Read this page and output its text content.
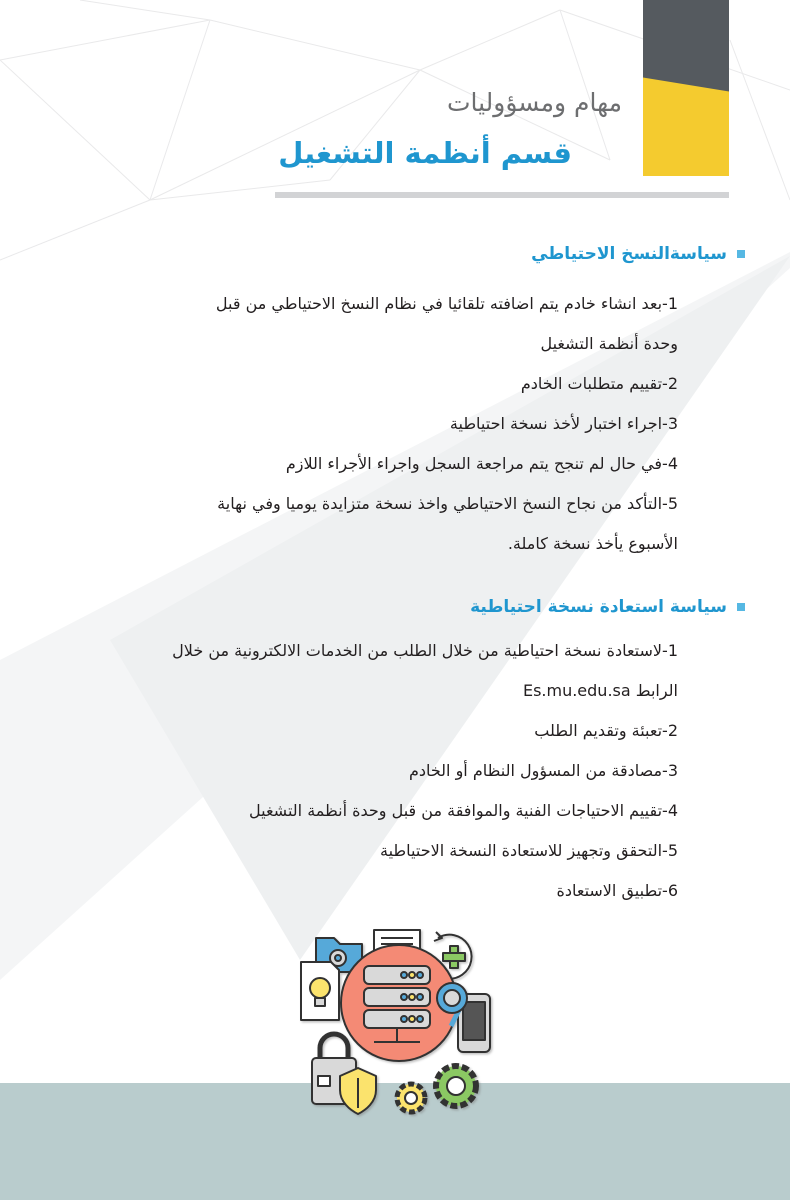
مهام ومسؤوليات
قسم أنظمة التشغيل
سياسةالنسخ الاحتياطي
1-بعد انشاء خادم يتم اضافته تلقائيا في نظام النسخ الاحتياطي من قبل
وحدة أنظمة التشغيل
2-تقييم متطلبات الخادم
3-اجراء اختبار لأخذ نسخة احتياطية
4-في حال لم تنجح يتم مراجعة السجل واجراء الأجراء اللازم
5-التأكد من نجاح النسخ الاحتياطي واخذ نسخة متزايدة يوميا وفي نهاية
الأسبوع يأخذ نسخة كاملة.
سياسة استعادة نسخة احتياطية
1-لاستعادة نسخة احتياطية من خلال الطلب من الخدمات الالكترونية من خلال
الرابط Es.mu.edu.sa
2-تعبئة وتقديم الطلب
3-مصادقة من المسؤول النظام أو الخادم
4-تقييم الاحتياجات الفنية والموافقة من قبل وحدة أنظمة التشغيل
5-التحقق وتجهيز للاستعادة النسخة الاحتياطية
6-تطبيق الاستعادة
